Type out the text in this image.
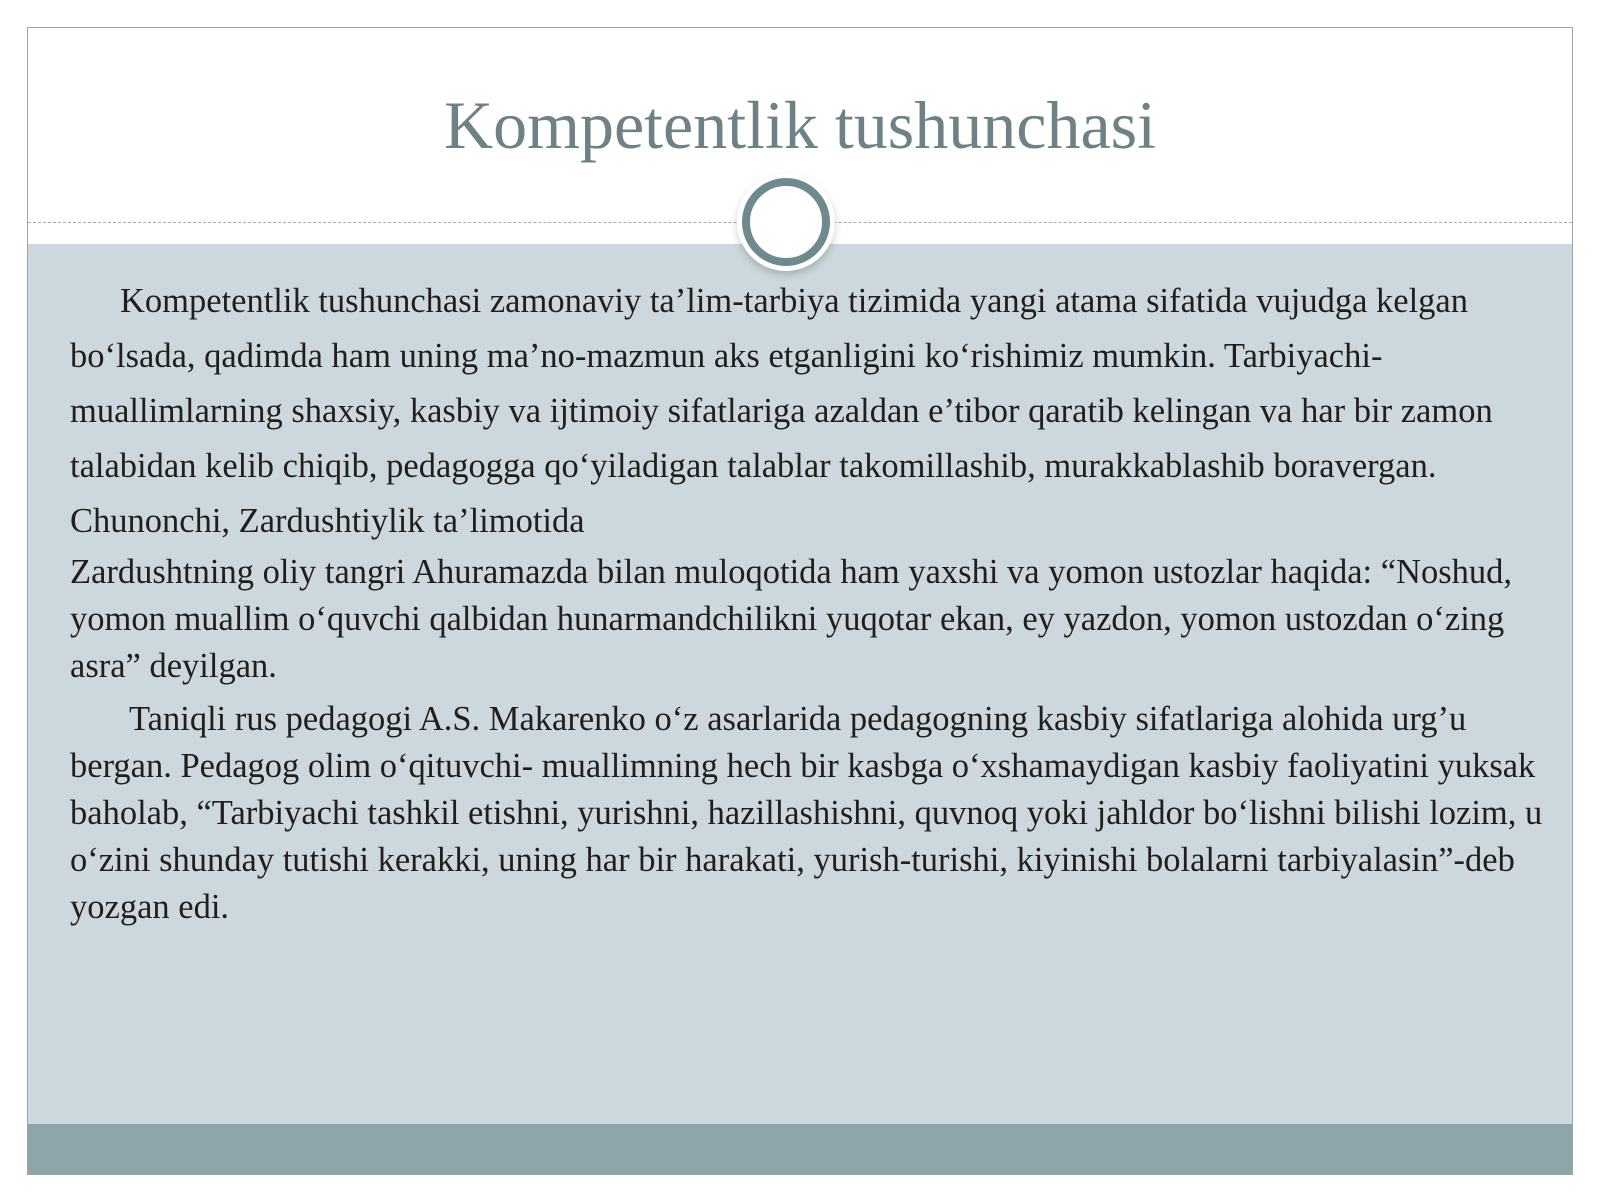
Kompetentlik tushunchasi

Kompetentlik tushunchasi zamonaviy ta’lim-tarbiya tizimida yangi atama sifatida vujudga kelgan bo‘lsada, qadimda ham uning ma’no-mazmun aks etganligini ko‘rishimiz mumkin. Tarbiyachi-muallimlarning shaxsiy, kasbiy va ijtimoiy sifatlariga azaldan e’tibor qaratib kelingan va har bir zamon talabidan kelib chiqib, pedagogga qo‘yiladigan talablar takomillashib, murakkablashib boravergan. Chunonchi, Zardushtiylik ta’limotida

Zardushtning oliy tangri Ahuramazda bilan muloqotida ham yaxshi va yomon ustozlar haqida: “Noshud, yomon muallim o‘quvchi qalbidan hunarmandchilikni yuqotar ekan, ey yazdon, yomon ustozdan o‘zing asra” deyilgan.

Taniqli rus pedagogi A.S. Makarenko o‘z asarlarida pedagogning kasbiy sifatlariga alohida urg’u bergan. Pedagog olim o‘qituvchi- muallimning hech bir kasbga o‘xshamaydigan kasbiy faoliyatini yuksak baholab, “Tarbiyachi tashkil etishni, yurishni, hazillashishni, quvnoq yoki jahldor bo‘lishni bilishi lozim, u o‘zini shunday tutishi kerakki, uning har bir harakati, yurish-turishi, kiyinishi bolalarni tarbiyalasin”-deb yozgan edi.
